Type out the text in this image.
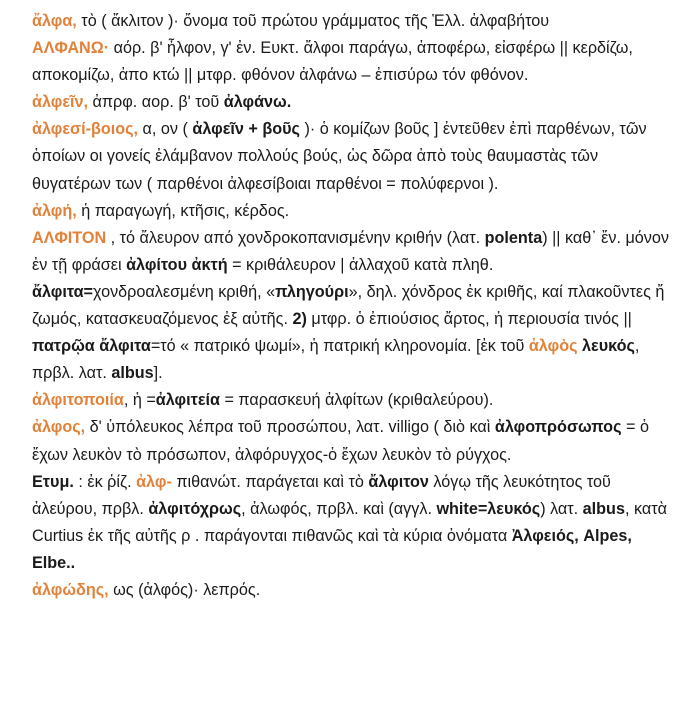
ἄλφα, τὸ ( ἄκλιτον )· ὄνομα τοῦ πρώτου γράμματος τῆς Ἑλλ. ἀλφαβήτου

ΑΛΦΑΝΩ· αόρ. β' ἦλφον, γ' ἐν. Ευκτ. ἄλφοι παράγω, ἀποφέρω, εἰσφέρω || κερδίζω, αποκομίζω, ἀπο κτώ || μτφρ. φθόνον ἀλφάνω – ἐπισύρω τόν φθόνον.

ἀλφεῖν, ἀπρφ. αορ. β' τοῦ ἀλφάνω.

ἀλφεσί-βοιος, α, ον ( ἀλφεῖν + βοῦς )· ὁ κομίζων βοῦς ] ἐντεῦθεν ἐπὶ παρθένων, τῶν ὁποίων οι γονείς ἐλάμβανον πολλούς βούς, ὡς δῶρα ἀπὸ τοὺς θαυμαστὰς τῶν θυγατέρων των ( παρθένοι ἀλφεσίβοιαι παρθένοι = πολύφερνοι ).

ἀλφή, ἡ παραγωγή, κτῆσις, κέρδος.

ΑΛΦΙΤΟΝ , τό ἄλευρον από χονδροκοπανισμένην κριθήν (λατ. polenta) || καθ᾽ ἔν. μόνον ἐν τῇ φράσει ἀλφίτου ἀκτή = κριθάλευρον | ἀλλαχοῦ κατὰ πληθ. ἄλφιτα=χονδροαλεσμένη κριθή, «πληγούρι», δηλ. χόνδρος ἐκ κριθῆς, καί πλακοῦντες ἤ ζωμός, κατασκευαζόμενος ἐξ αὐτῆς. 2) μτφρ. ὁ ἐπιούσιος ἄρτος, ἡ περιουσία τινός || πατρῷα ἄλφιτα=τό « πατρικό ψωμί», ἡ πατρική κληρονομία. [ἐκ τοῦ ἀλφὸς λευκός, πρβλ. λατ. albus].

ἀλφιτοποιία, ἡ =ἀλφιτεία = παρασκευή ἀλφίτων (κριθαλεύρου).

ἀλφος, δ' ὑπόλευκος λέπρα τοῦ προσώπου, λατ. villigo ( διὸ καὶ ἀλφοπρόσωπος = ὁ ἔχων λευκὸν τὸ πρόσωπον, ἀλφόρυγχος-ὁ ἔχων λευκὸν τὸ ρύγχος.

Ετυμ. : ἐκ ῥίζ. ἀλφ- πιθανώτ. παράγεται καὶ τὸ ἄλφιτον λόγῳ τῆς λευκότητος τοῦ ἀλεύρου, πρβλ. ἀλφιτόχρως, ἀλωφός, πρβλ. καὶ (αγγλ. white=λευκός) λατ. albus, κατὰ Curtius ἐκ τῆς αὐτῆς ρ . παράγονται πιθανῶς καὶ τὰ κύρια ὀνόματα Ἀλφειός, Alpes, Elbe..

ἀλφώδης, ως (ἀλφός)· λεπρός.
